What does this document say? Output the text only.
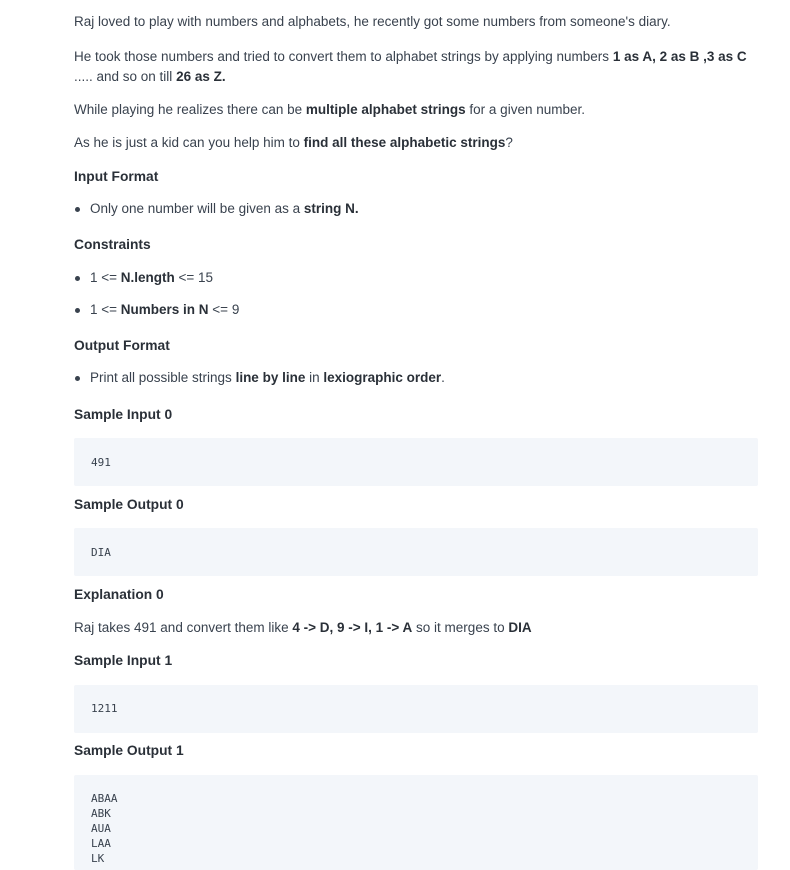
Raj loved to play with numbers and alphabets, he recently got some numbers from someone's diary.

He took those numbers and tried to convert them to alphabet strings by applying numbers 1 as A, 2 as B ,3 as C ..... and so on till 26 as Z.

While playing he realizes there can be multiple alphabet strings for a given number.

As he is just a kid can you help him to find all these alphabetic strings?

Input Format
Only one number will be given as a string N.
Constraints
1 <= N.length <= 15
1 <= Numbers in N <= 9
Output Format
Print all possible strings line by line in lexiographic order.
Sample Input 0
491
Sample Output 0
DIA
Explanation 0

Raj takes 491 and convert them like 4 -> D, 9 -> I, 1 -> A so it merges to DIA

Sample Input 1
1211
Sample Output 1
ABAA
ABK
AUA
LAA
LK
